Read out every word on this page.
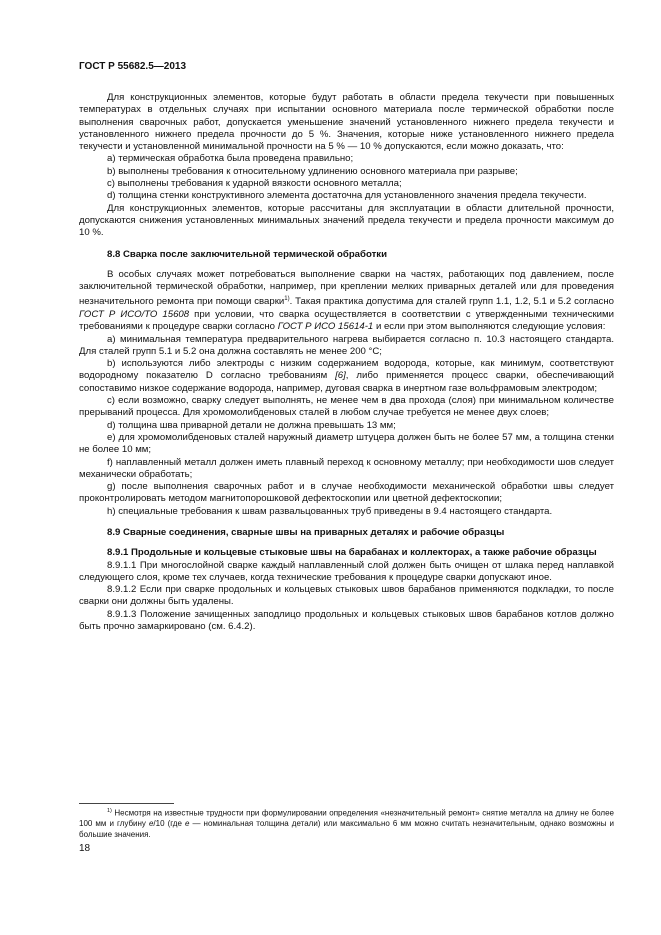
ГОСТ Р 55682.5—2013

Для конструкционных элементов, которые будут работать в области предела текучести при повышенных температурах в отдельных случаях при испытании основного материала после термической обработки после выполнения сварочных работ, допускается уменьшение значений установленного нижнего предела текучести и установленного нижнего предела прочности до 5 %. Значения, которые ниже установленного нижнего предела текучести и установленной минимальной прочности на 5 % — 10 % допускаются, если можно доказать, что:

a) термическая обработка была проведена правильно;

b) выполнены требования к относительному удлинению основного материала при разрыве;

c) выполнены требования к ударной вязкости основного металла;

d) толщина стенки конструктивного элемента достаточна для установленного значения предела текучести.

Для конструкционных элементов, которые рассчитаны для эксплуатации в области длительной прочности, допускаются снижения установленных минимальных значений предела текучести и предела прочности максимум до 10 %.

8.8 Сварка после заключительной термической обработки

В особых случаях может потребоваться выполнение сварки на частях, работающих под давлением, после заключительной термической обработки, например, при креплении мелких приварных деталей или для проведения незначительного ремонта при помощи сварки$^{1)}$. Такая практика допустима для сталей групп 1.1, 1.2, 5.1 и 5.2 согласно ГОСТ Р ИСО/ТО 15608 при условии, что сварка осуществляется в соответствии с утвержденными техническими требованиями к процедуре сварки согласно ГОСТ Р ИСО 15614-1 и если при этом выполняются следующие условия:

a) минимальная температура предварительного нагрева выбирается согласно п. 10.3 настоящего стандарта. Для сталей групп 5.1 и 5.2 она должна составлять не менее 200 °С;

b) используются либо электроды с низким содержанием водорода, которые, как минимум, соответствуют водородному показателю D согласно требованиям [6], либо применяется процесс сварки, обеспечивающий сопоставимо низкое содержание водорода, например, дуговая сварка в инертном газе вольфрамовым электродом;

c) если возможно, сварку следует выполнять, не менее чем в два прохода (слоя) при минимальном количестве прерываний процесса. Для хромомолибденовых сталей в любом случае требуется не менее двух слоев;

d) толщина шва приварной детали не должна превышать 13 мм;

e) для хромомолибденовых сталей наружный диаметр штуцера должен быть не более 57 мм, а толщина стенки не более 10 мм;

f) наплавленный металл должен иметь плавный переход к основному металлу; при необходимости шов следует механически обработать;

g) после выполнения сварочных работ и в случае необходимости механической обработки швы следует проконтролировать методом магнитопорошковой дефектоскопии или цветной дефектоскопии;

h) специальные требования к швам развальцованных труб приведены в 9.4 настоящего стандарта.

8.9 Сварные соединения, сварные швы на приварных деталях и рабочие образцы

8.9.1 Продольные и кольцевые стыковые швы на барабанах и коллекторах, а также рабочие образцы

8.9.1.1 При многослойной сварке каждый наплавленный слой должен быть очищен от шлака перед наплавкой следующего слоя, кроме тех случаев, когда технические требования к процедуре сварки допускают иное.

8.9.1.2 Если при сварке продольных и кольцевых стыковых швов барабанов применяются подкладки, то после сварки они должны быть удалены.

8.9.1.3 Положение зачищенных заподлицо продольных и кольцевых стыковых швов барабанов котлов должно быть прочно замаркировано (см. 6.4.2).

$^{1)}$ Несмотря на известные трудности при формулировании определения «незначительный ремонт» снятие металла на длину не более 100 мм и глубину e/10 (где e — номинальная толщина детали) или максимально 6 мм можно считать незначительным, однако возможны и большие значения.

18
